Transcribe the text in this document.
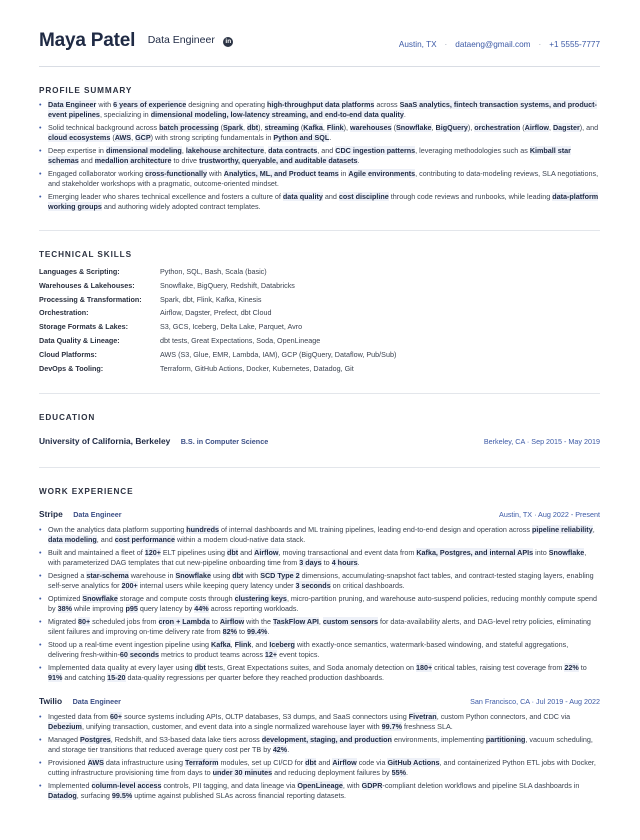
Maya Patel Data Engineer in	Austin, TX · dataeng@gmail.com · +1 5555-7777
PROFILE SUMMARY
• Data Engineer with 6 years of experience designing and operating high-throughput data platforms across SaaS analytics, fintech transaction systems, and product-event pipelines, specializing in dimensional modeling, low-latency streaming, and end-to-end data quality.
• Solid technical background across batch processing (Spark, dbt), streaming (Kafka, Flink), warehouses (Snowflake, BigQuery), orchestration (Airflow, Dagster), and cloud ecosystems (AWS, GCP) with strong scripting fundamentals in Python and SQL.
• Deep expertise in dimensional modeling, lakehouse architecture, data contracts, and CDC ingestion patterns, leveraging methodologies such as Kimball star schemas and medallion architecture to drive trustworthy, queryable, and auditable datasets.
• Engaged collaborator working cross-functionally with Analytics, ML, and Product teams in Agile environments, contributing to data-modeling reviews, SLA negotiations, and stakeholder workshops with a pragmatic, outcome-oriented mindset.
• Emerging leader who shares technical excellence and fosters a culture of data quality and cost discipline through code reviews and runbooks, while leading data-platform working groups and authoring widely adopted contract templates.
TECHNICAL SKILLS
Languages & Scripting:	Python, SQL, Bash, Scala (basic)
Warehouses & Lakehouses:	Snowflake, BigQuery, Redshift, Databricks
Processing & Transformation:	Spark, dbt, Flink, Kafka, Kinesis
Orchestration:	Airflow, Dagster, Prefect, dbt Cloud
Storage Formats & Lakes:	S3, GCS, Iceberg, Delta Lake, Parquet, Avro
Data Quality & Lineage:	dbt tests, Great Expectations, Soda, OpenLineage
Cloud Platforms:	AWS (S3, Glue, EMR, Lambda, IAM), GCP (BigQuery, Dataflow, Pub/Sub)
DevOps & Tooling:	Terraform, GitHub Actions, Docker, Kubernetes, Datadog, Git
EDUCATION
University of California, Berkeley B.S. in Computer Science	Berkeley, CA · Sep 2015 - May 2019
WORK EXPERIENCE
Stripe Data Engineer	Austin, TX · Aug 2022 - Present
• Own the analytics data platform supporting hundreds of internal dashboards and ML training pipelines, leading end-to-end design and operation across pipeline reliability, data modeling, and cost performance within a modern cloud-native data stack.
• Built and maintained a fleet of 120+ ELT pipelines using dbt and Airflow, moving transactional and event data from Kafka, Postgres, and internal APIs into Snowflake, with parameterized DAG templates that cut new-pipeline onboarding time from 3 days to 4 hours.
• Designed a star-schema warehouse in Snowflake using dbt with SCD Type 2 dimensions, accumulating-snapshot fact tables, and contract-tested staging layers, enabling self-serve analytics for 200+ internal users while keeping query latency under 3 seconds on critical dashboards.
• Optimized Snowflake storage and compute costs through clustering keys, micro-partition pruning, and warehouse auto-suspend policies, reducing monthly compute spend by 38% while improving p95 query latency by 44% across reporting workloads.
• Migrated 80+ scheduled jobs from cron + Lambda to Airflow with the TaskFlow API, custom sensors for data-availability alerts, and DAG-level retry policies, eliminating silent failures and improving on-time delivery rate from 82% to 99.4%.
• Stood up a real-time event ingestion pipeline using Kafka, Flink, and Iceberg with exactly-once semantics, watermark-based windowing, and stateful aggregations, delivering fresh-within-60 seconds metrics to product teams across 12+ event topics.
• Implemented data quality at every layer using dbt tests, Great Expectations suites, and Soda anomaly detection on 180+ critical tables, raising test coverage from 22% to 91% and catching 15-20 data-quality regressions per quarter before they reached production dashboards.
Twilio Data Engineer	San Francisco, CA · Jul 2019 - Aug 2022
• Ingested data from 60+ source systems including APIs, OLTP databases, S3 dumps, and SaaS connectors using Fivetran, custom Python connectors, and CDC via Debezium, unifying transaction, customer, and event data into a single normalized warehouse layer with 99.7% freshness SLA.
• Managed Postgres, Redshift, and S3-based data lake tiers across development, staging, and production environments, implementing partitioning, vacuum scheduling, and storage tier transitions that reduced average query cost per TB by 42%.
• Provisioned AWS data infrastructure using Terraform modules, set up CI/CD for dbt and Airflow code via GitHub Actions, and containerized Python ETL jobs with Docker, cutting infrastructure provisioning time from days to under 30 minutes and reducing deployment failures by 55%.
• Implemented column-level access controls, PII tagging, and data lineage via OpenLineage, with GDPR-compliant deletion workflows and pipeline SLA dashboards in Datadog, surfacing 99.5% uptime against published SLAs across financial reporting datasets.
